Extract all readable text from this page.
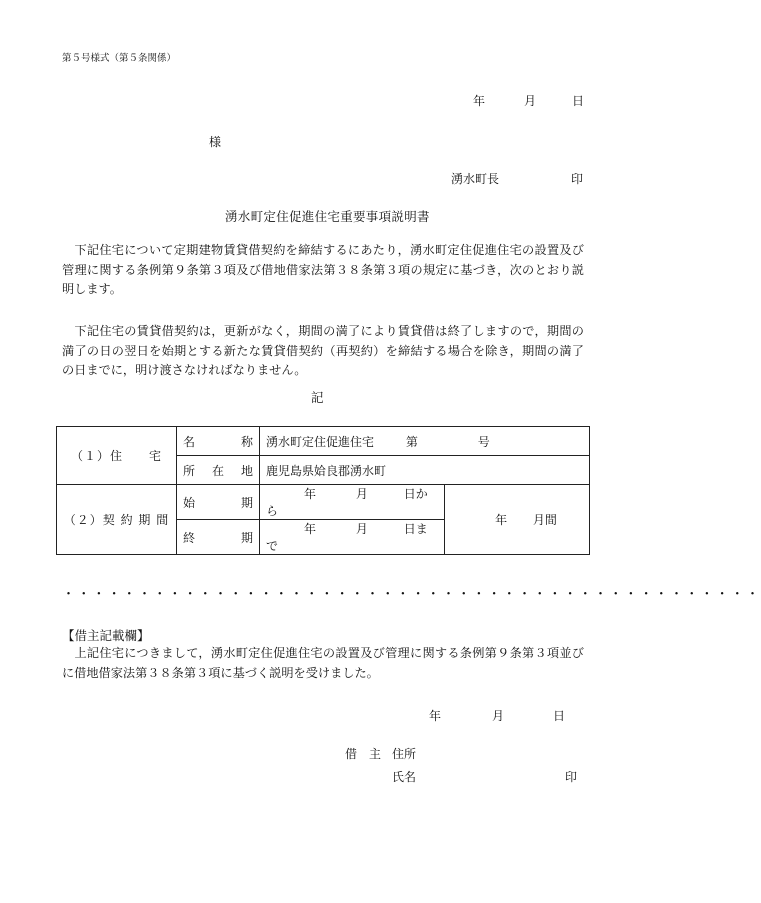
第５号様式（第５条関係）
年	月	日
様
湧水町長	印
湧水町定住促進住宅重要事項説明書
　下記住宅について定期建物賃貸借契約を締結するにあたり，湧水町定住促進住宅の設置及び管理に関する条例第９条第３項及び借地借家法第３８条第３項の規定に基づき，次のとおり説明します。
　下記住宅の賃貸借契約は，更新がなく，期間の満了により賃貸借は終了しますので，期間の満了の日の翌日を始期とする新たな賃貸借契約（再契約）を締結する場合を除き，期間の満了の日までに，明け渡さなければなりません。
記
（１）住　　宅	名 称	湧水町定住促進住宅 第 号	

	所 在 地	鹿児島県姶良郡湧水町	
（２）契 約 期 間	始 期	年 月 日から	年 月間

	終 期	年 月 日まで	
・・・・・・・・・・・・・・・・・・・・・・・・・・・・・・・・・・・・・・・・・・・・・・
【借主記載欄】
　上記住宅につきまして，湧水町定住促進住宅の設置及び管理に関する条例第９条第３項並びに借地借家法第３８条第３項に基づく説明を受けました。
年	月	日
借　主 住所
氏名	印
